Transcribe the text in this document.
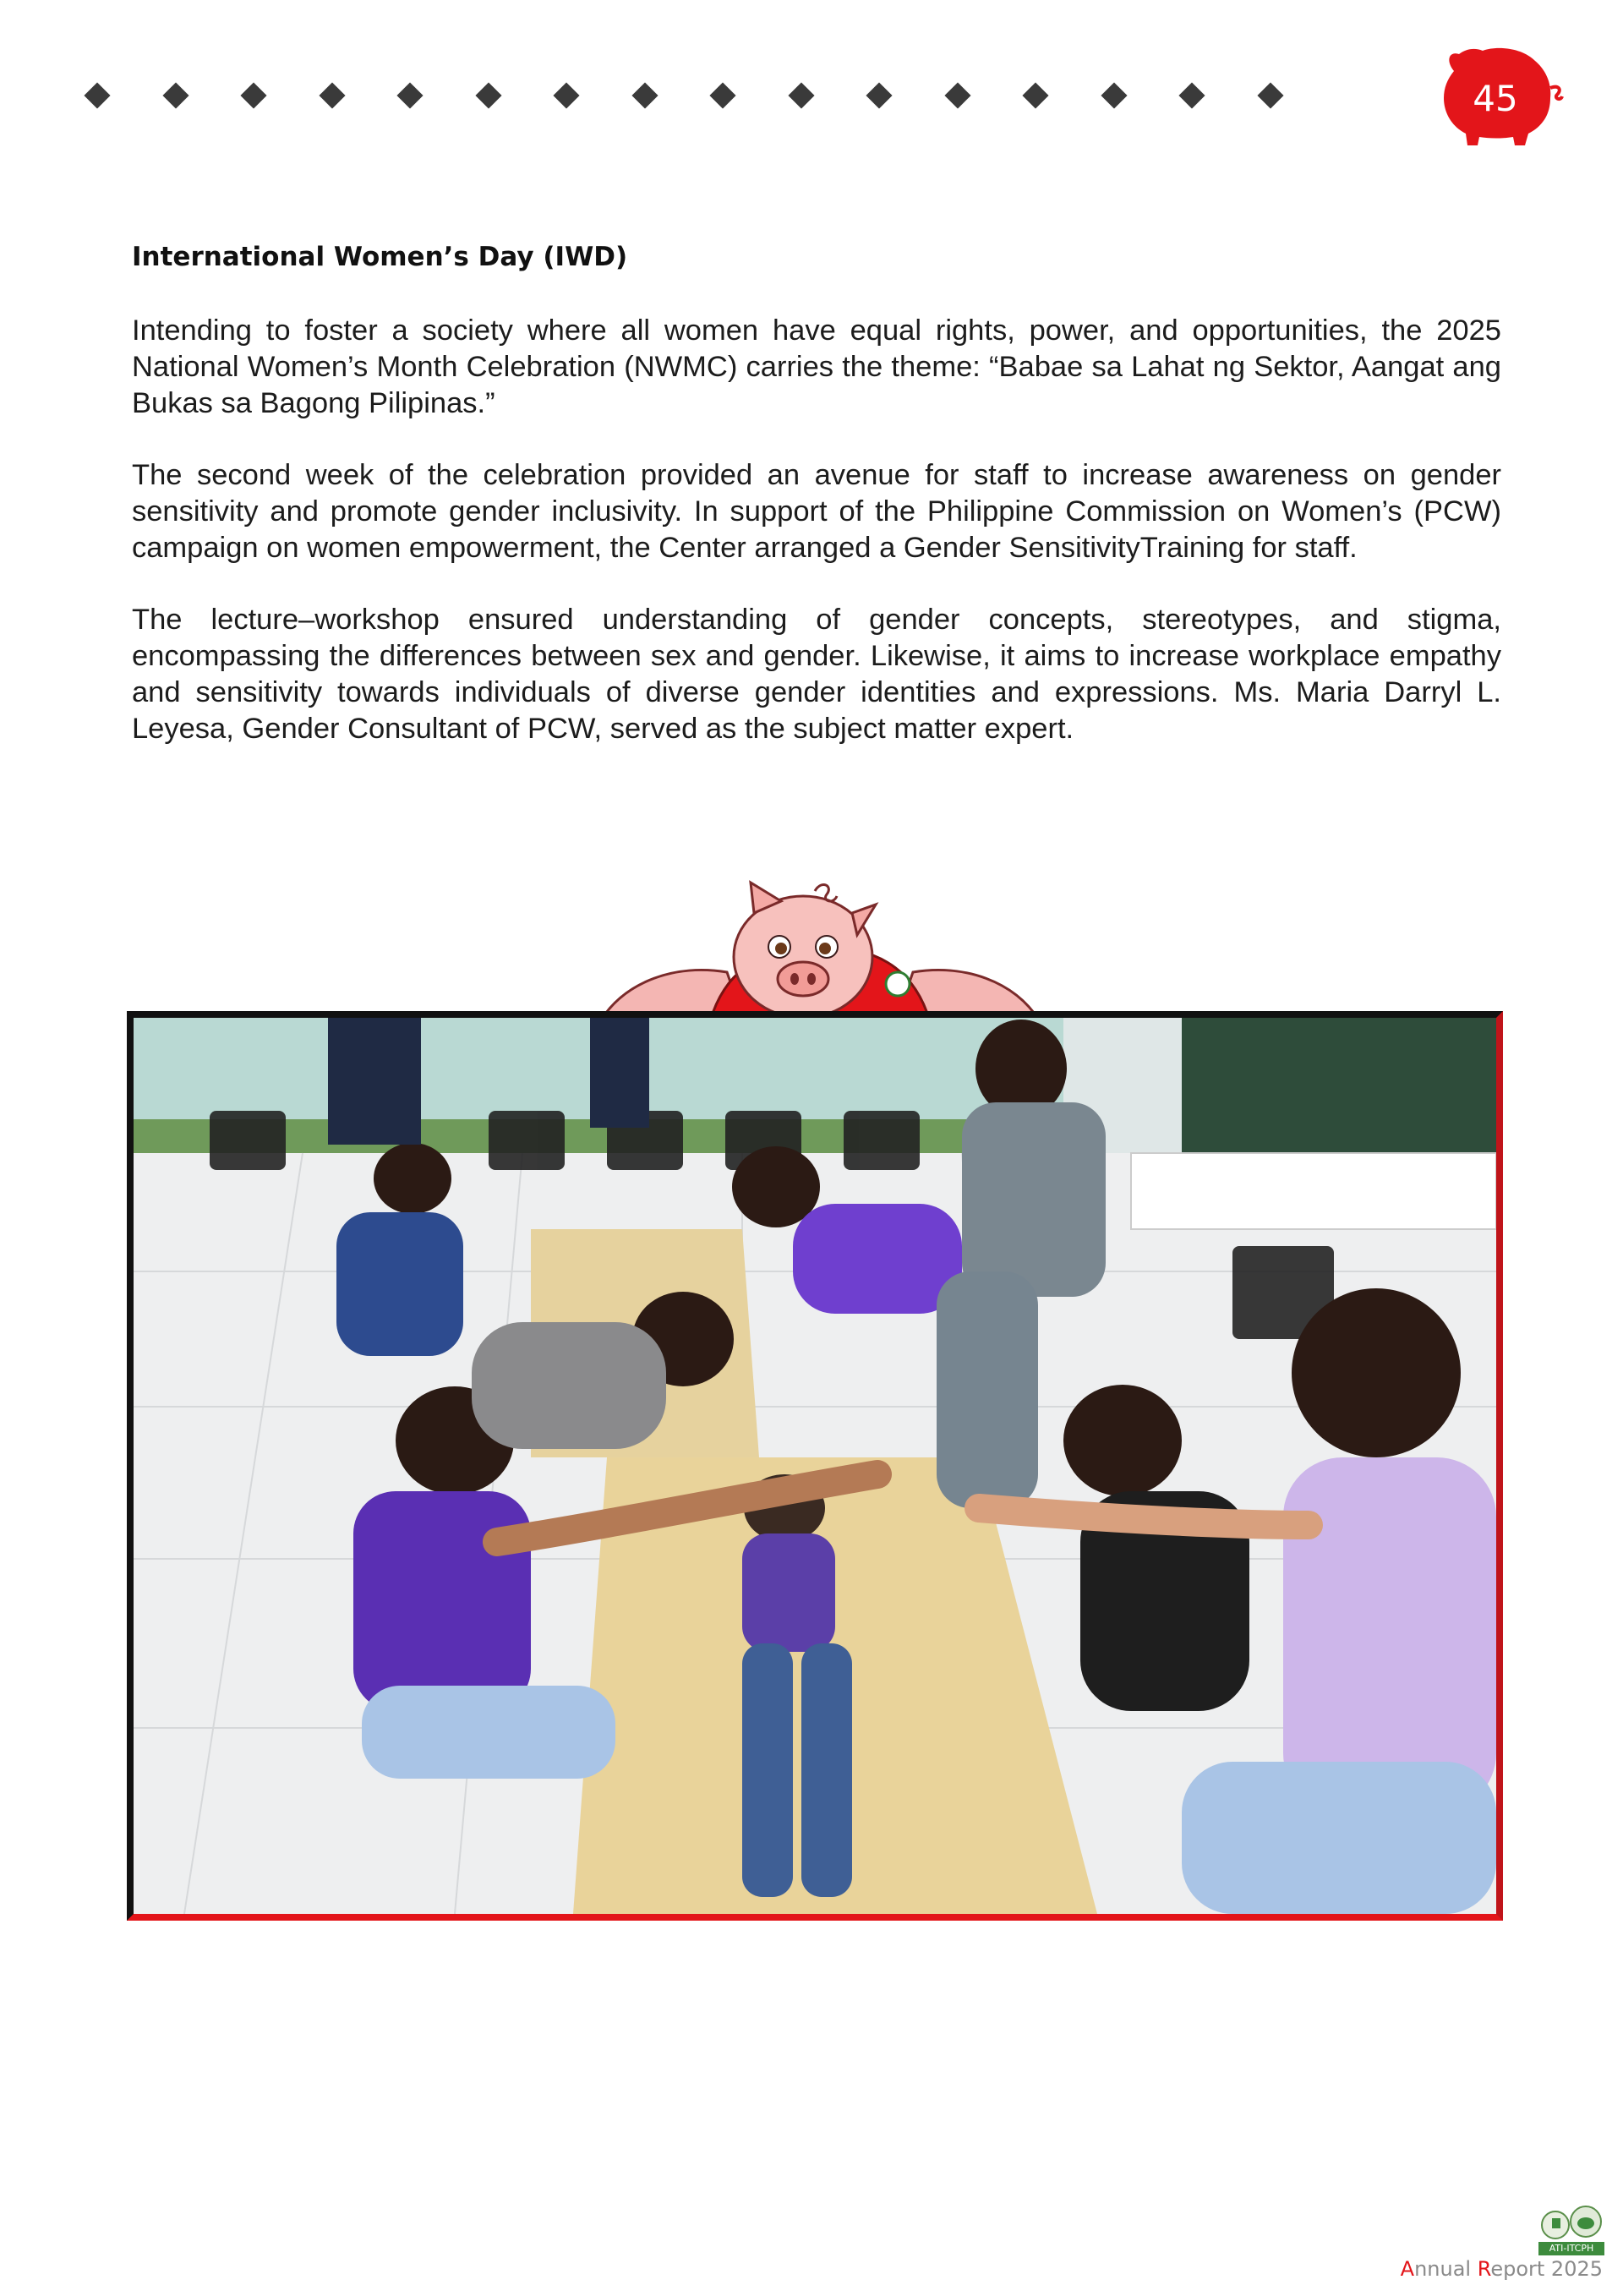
45
International Women’s Day (IWD)

Intending to foster a society where all women have equal rights, power, and opportunities, the 2025 National Women’s Month Celebration (NWMC) carries the theme: “Babae sa Lahat ng Sektor, Aangat ang Bukas sa Bagong Pilipinas.”

The second week of the celebration provided an avenue for staff to increase awareness on gender sensitivity and promote gender inclusivity. In support of the Philippine Commission on Women’s (PCW) campaign on women empowerment, the Center arranged a Gender SensitivityTraining for staff.

The lecture–workshop ensured understanding of gender concepts, stereotypes, and stigma, encompassing the differences between sex and gender. Likewise, it aims to increase workplace empathy and sensitivity towards individuals of diverse gender identities and expressions. Ms. Maria Darryl L. Leyesa, Gender Consultant of PCW, served as the subject matter expert.

ATI-ITCPH

Annual Report 2025
